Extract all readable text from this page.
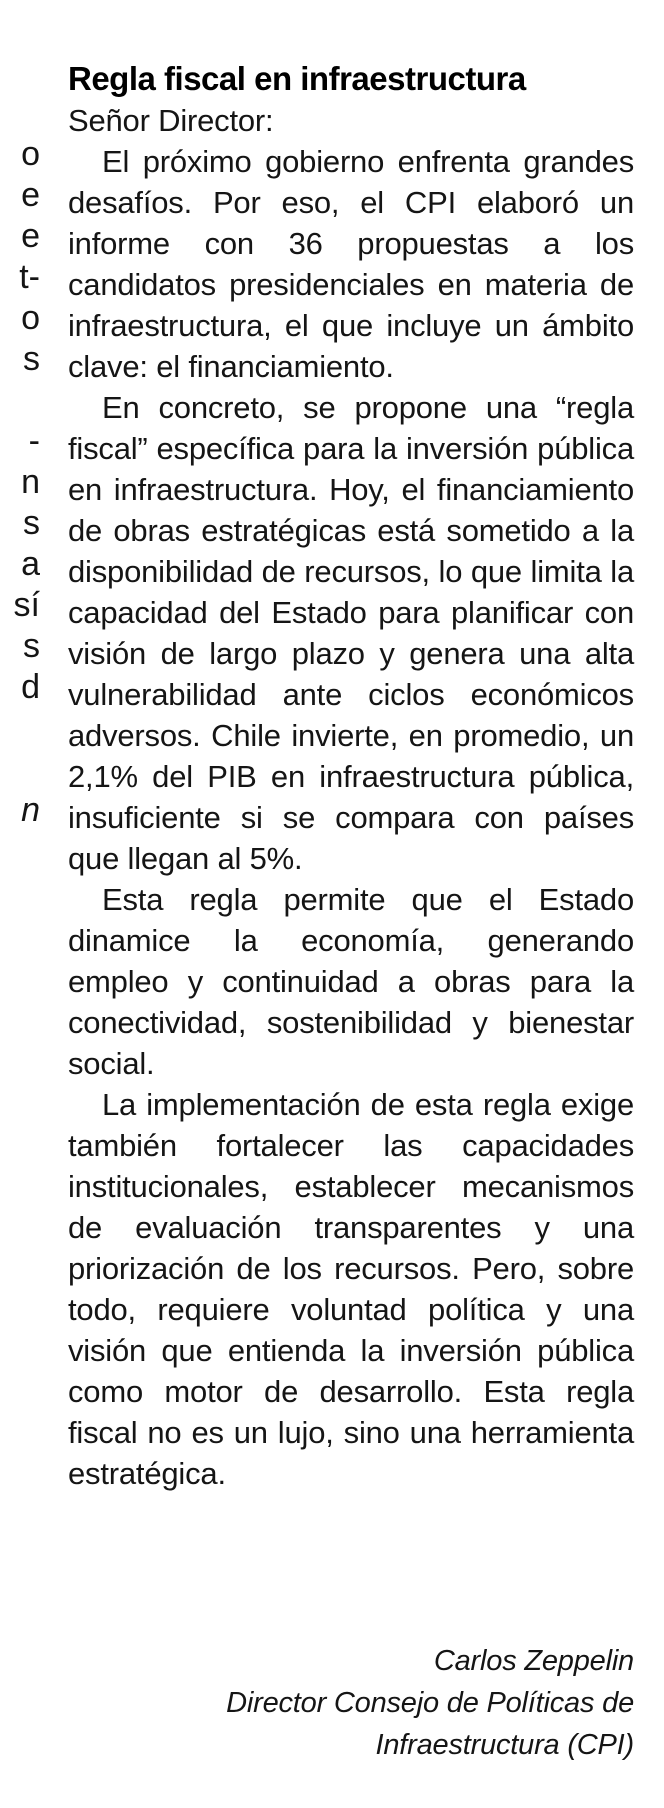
o
e
e
t-
o
s
-
n
s
a
sí
s
d
n
Regla fiscal en infraestructura

Señor Director:

El próximo gobierno enfrenta grandes desafíos. Por eso, el CPI elaboró un informe con 36 propuestas a los candidatos presidenciales en materia de infraestructura, el que incluye un ámbito clave: el financiamiento.

En concreto, se propone una “regla fiscal” específica para la inversión pública en infraestructura. Hoy, el financiamiento de obras estratégicas está sometido a la disponibilidad de recursos, lo que limita la capacidad del Estado para planificar con visión de largo plazo y genera una alta vulnerabilidad ante ciclos económicos adversos. Chile invierte, en promedio, un 2,1% del PIB en infraestructura pública, insuficiente si se compara con países que llegan al 5%.

Esta regla permite que el Estado dinamice la economía, generando empleo y continuidad a obras para la conectividad, sostenibilidad y bienestar social.

La implementación de esta regla exige también fortalecer las capacidades institucionales, establecer mecanismos de evaluación transparentes y una priorización de los recursos. Pero, sobre todo, requiere voluntad política y una visión que entienda la inversión pública como motor de desarrollo. Esta regla fiscal no es un lujo, sino una herramienta estratégica.

Carlos Zeppelin
Director Consejo de Políticas de
Infraestructura (CPI)
